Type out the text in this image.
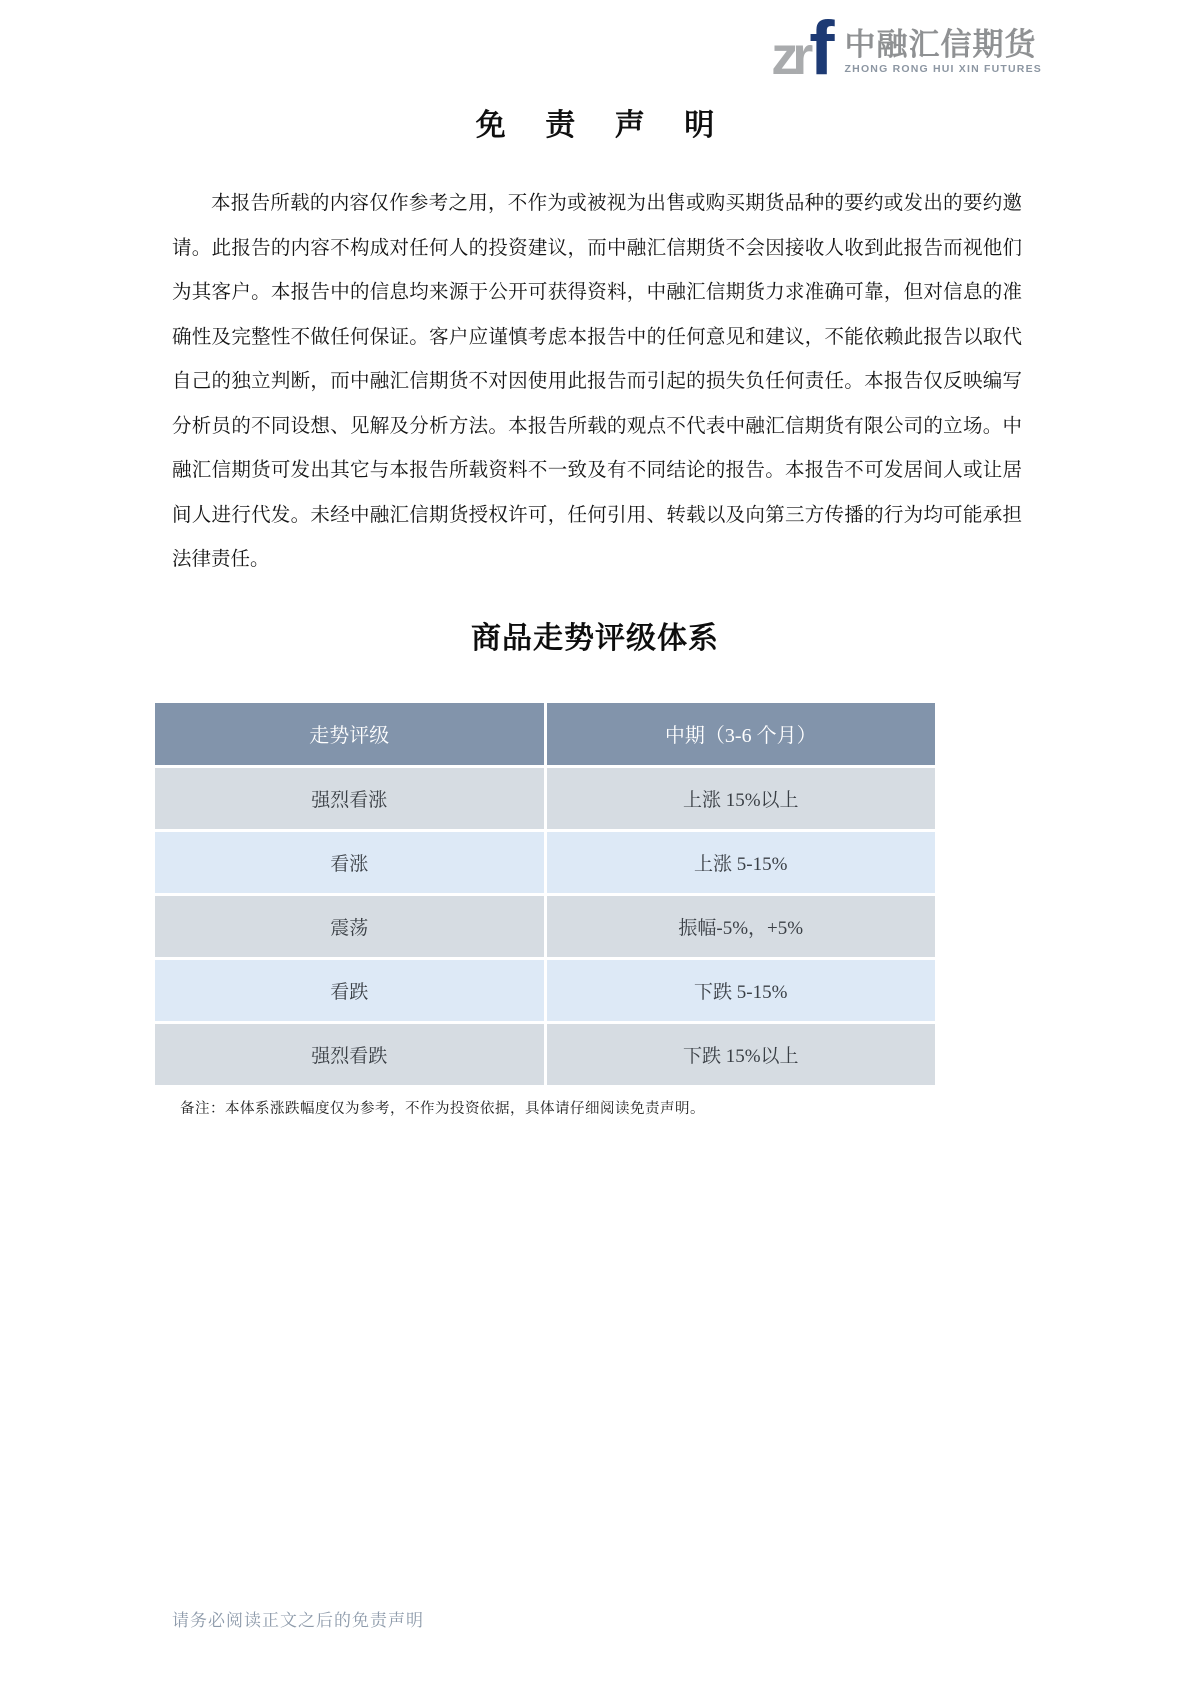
zr f 中融汇信期货
ZHONG RONG HUI XIN FUTURES
免 责 声 明
本报告所载的内容仅作参考之用，不作为或被视为出售或购买期货品种的要约或发出的要约邀请。此报告的内容不构成对任何人的投资建议，而中融汇信期货不会因接收人收到此报告而视他们为其客户。本报告中的信息均来源于公开可获得资料，中融汇信期货力求准确可靠，但对信息的准确性及完整性不做任何保证。客户应谨慎考虑本报告中的任何意见和建议，不能依赖此报告以取代自己的独立判断，而中融汇信期货不对因使用此报告而引起的损失负任何责任。本报告仅反映编写分析员的不同设想、见解及分析方法。本报告所载的观点不代表中融汇信期货有限公司的立场。中融汇信期货可发出其它与本报告所载资料不一致及有不同结论的报告。本报告不可发居间人或让居间人进行代发。未经中融汇信期货授权许可，任何引用、转载以及向第三方传播的行为均可能承担法律责任。
商品走势评级体系
走势评级	中期（3-6 个月）
强烈看涨	上涨 15%以上
看涨	上涨 5-15%
震荡	振幅-5%，+5%
看跌	下跌 5-15%
强烈看跌	下跌 15%以上
备注：本体系涨跌幅度仅为参考，不作为投资依据，具体请仔细阅读免责声明。
请务必阅读正文之后的免责声明
